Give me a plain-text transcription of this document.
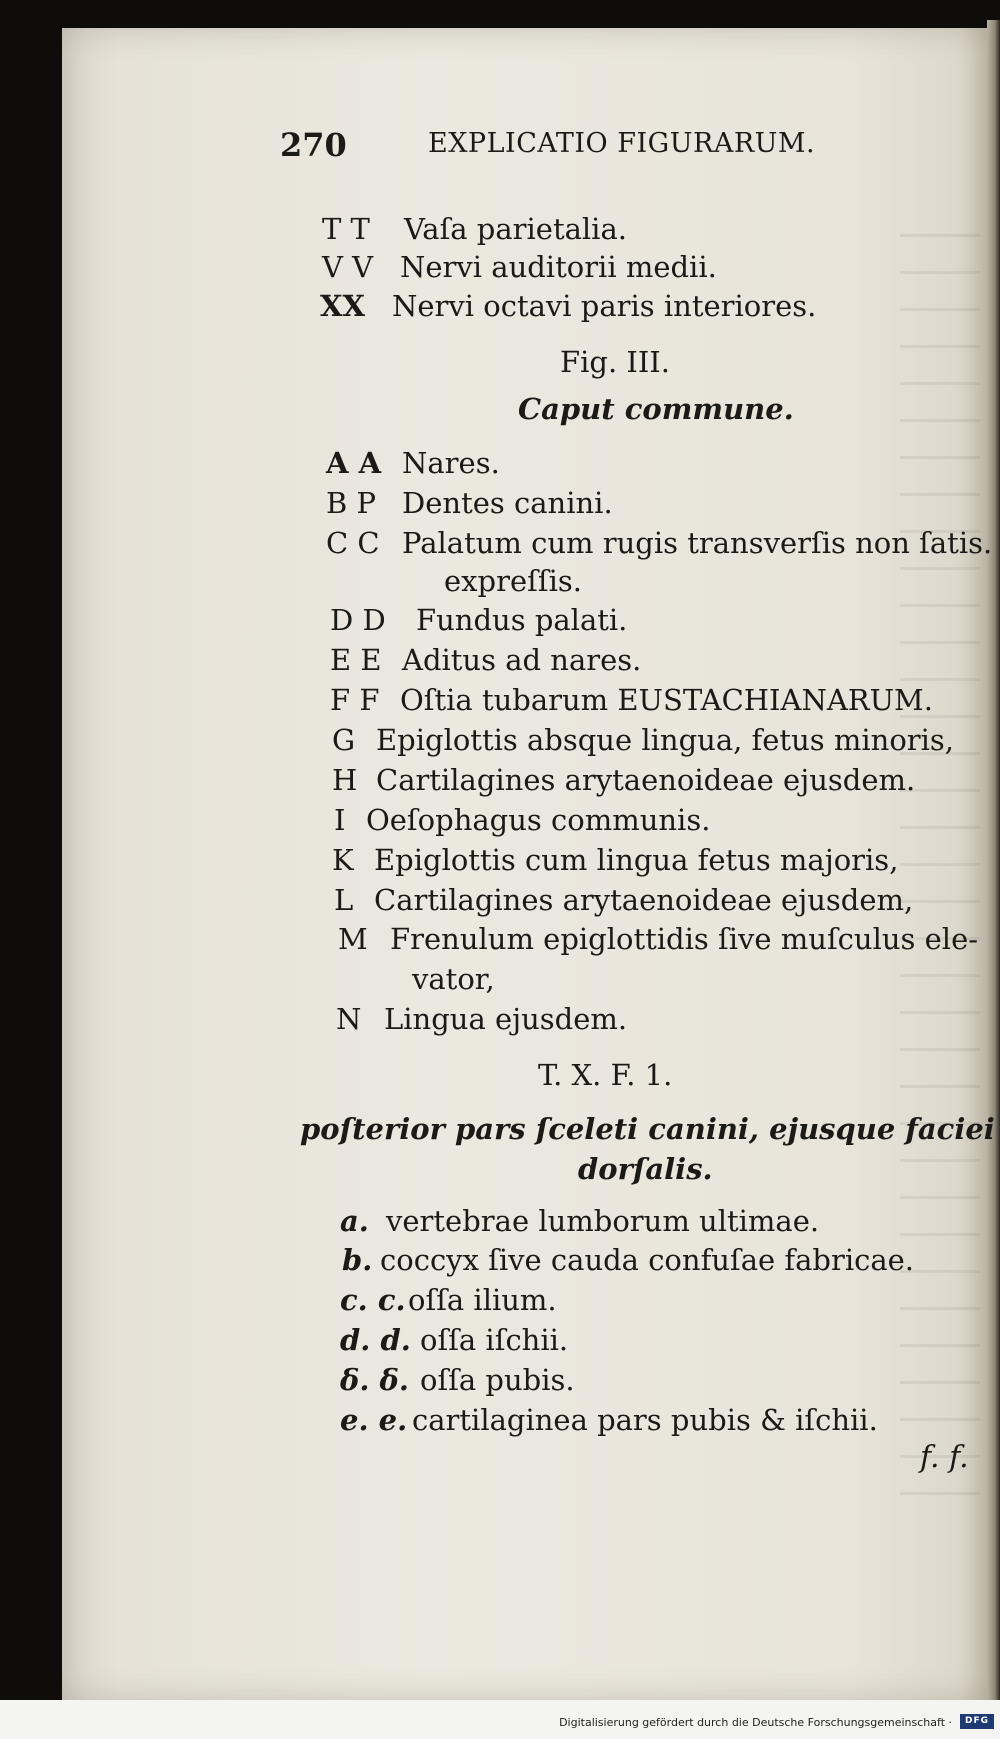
270	EXPLICATIO FIGURARUM.
T T Vaſa parietalia.
V V Nervi auditorii medii.
XX Nervi octavi paris interiores.
Fig. III.
Caput commune.
A A Nares.
B P Dentes canini.
C C Palatum cum rugis transverſis non ſatis.
expreſſis.
D D Fundus palati.
E E Aditus ad nares.
F F Oſtia tubarum EUSTACHIANARUM.
G Epiglottis absque lingua, fetus minoris,
H Cartilagines arytaenoideae ejusdem.
I Oeſophagus communis.
K Epiglottis cum lingua fetus majoris,
L Cartilagines arytaenoideae ejusdem,
M Frenulum epiglottidis ſive muſculus ele-
vator,
N Lingua ejusdem.
T. X. F. 1.
poſterior pars ſceleti canini, ejusque faciei
dorſalis.
a. vertebrae lumborum ultimae.
b. coccyx ſive cauda confuſae fabricae.
c. c. oſſa ilium.
d. d. oſſa iſchii.
δ. δ. oſſa pubis.
e. e. cartilaginea pars pubis & iſchii.
f. f.
Digitalisierung gefördert durch die Deutsche Forschungsgemeinschaft ·	DFG
